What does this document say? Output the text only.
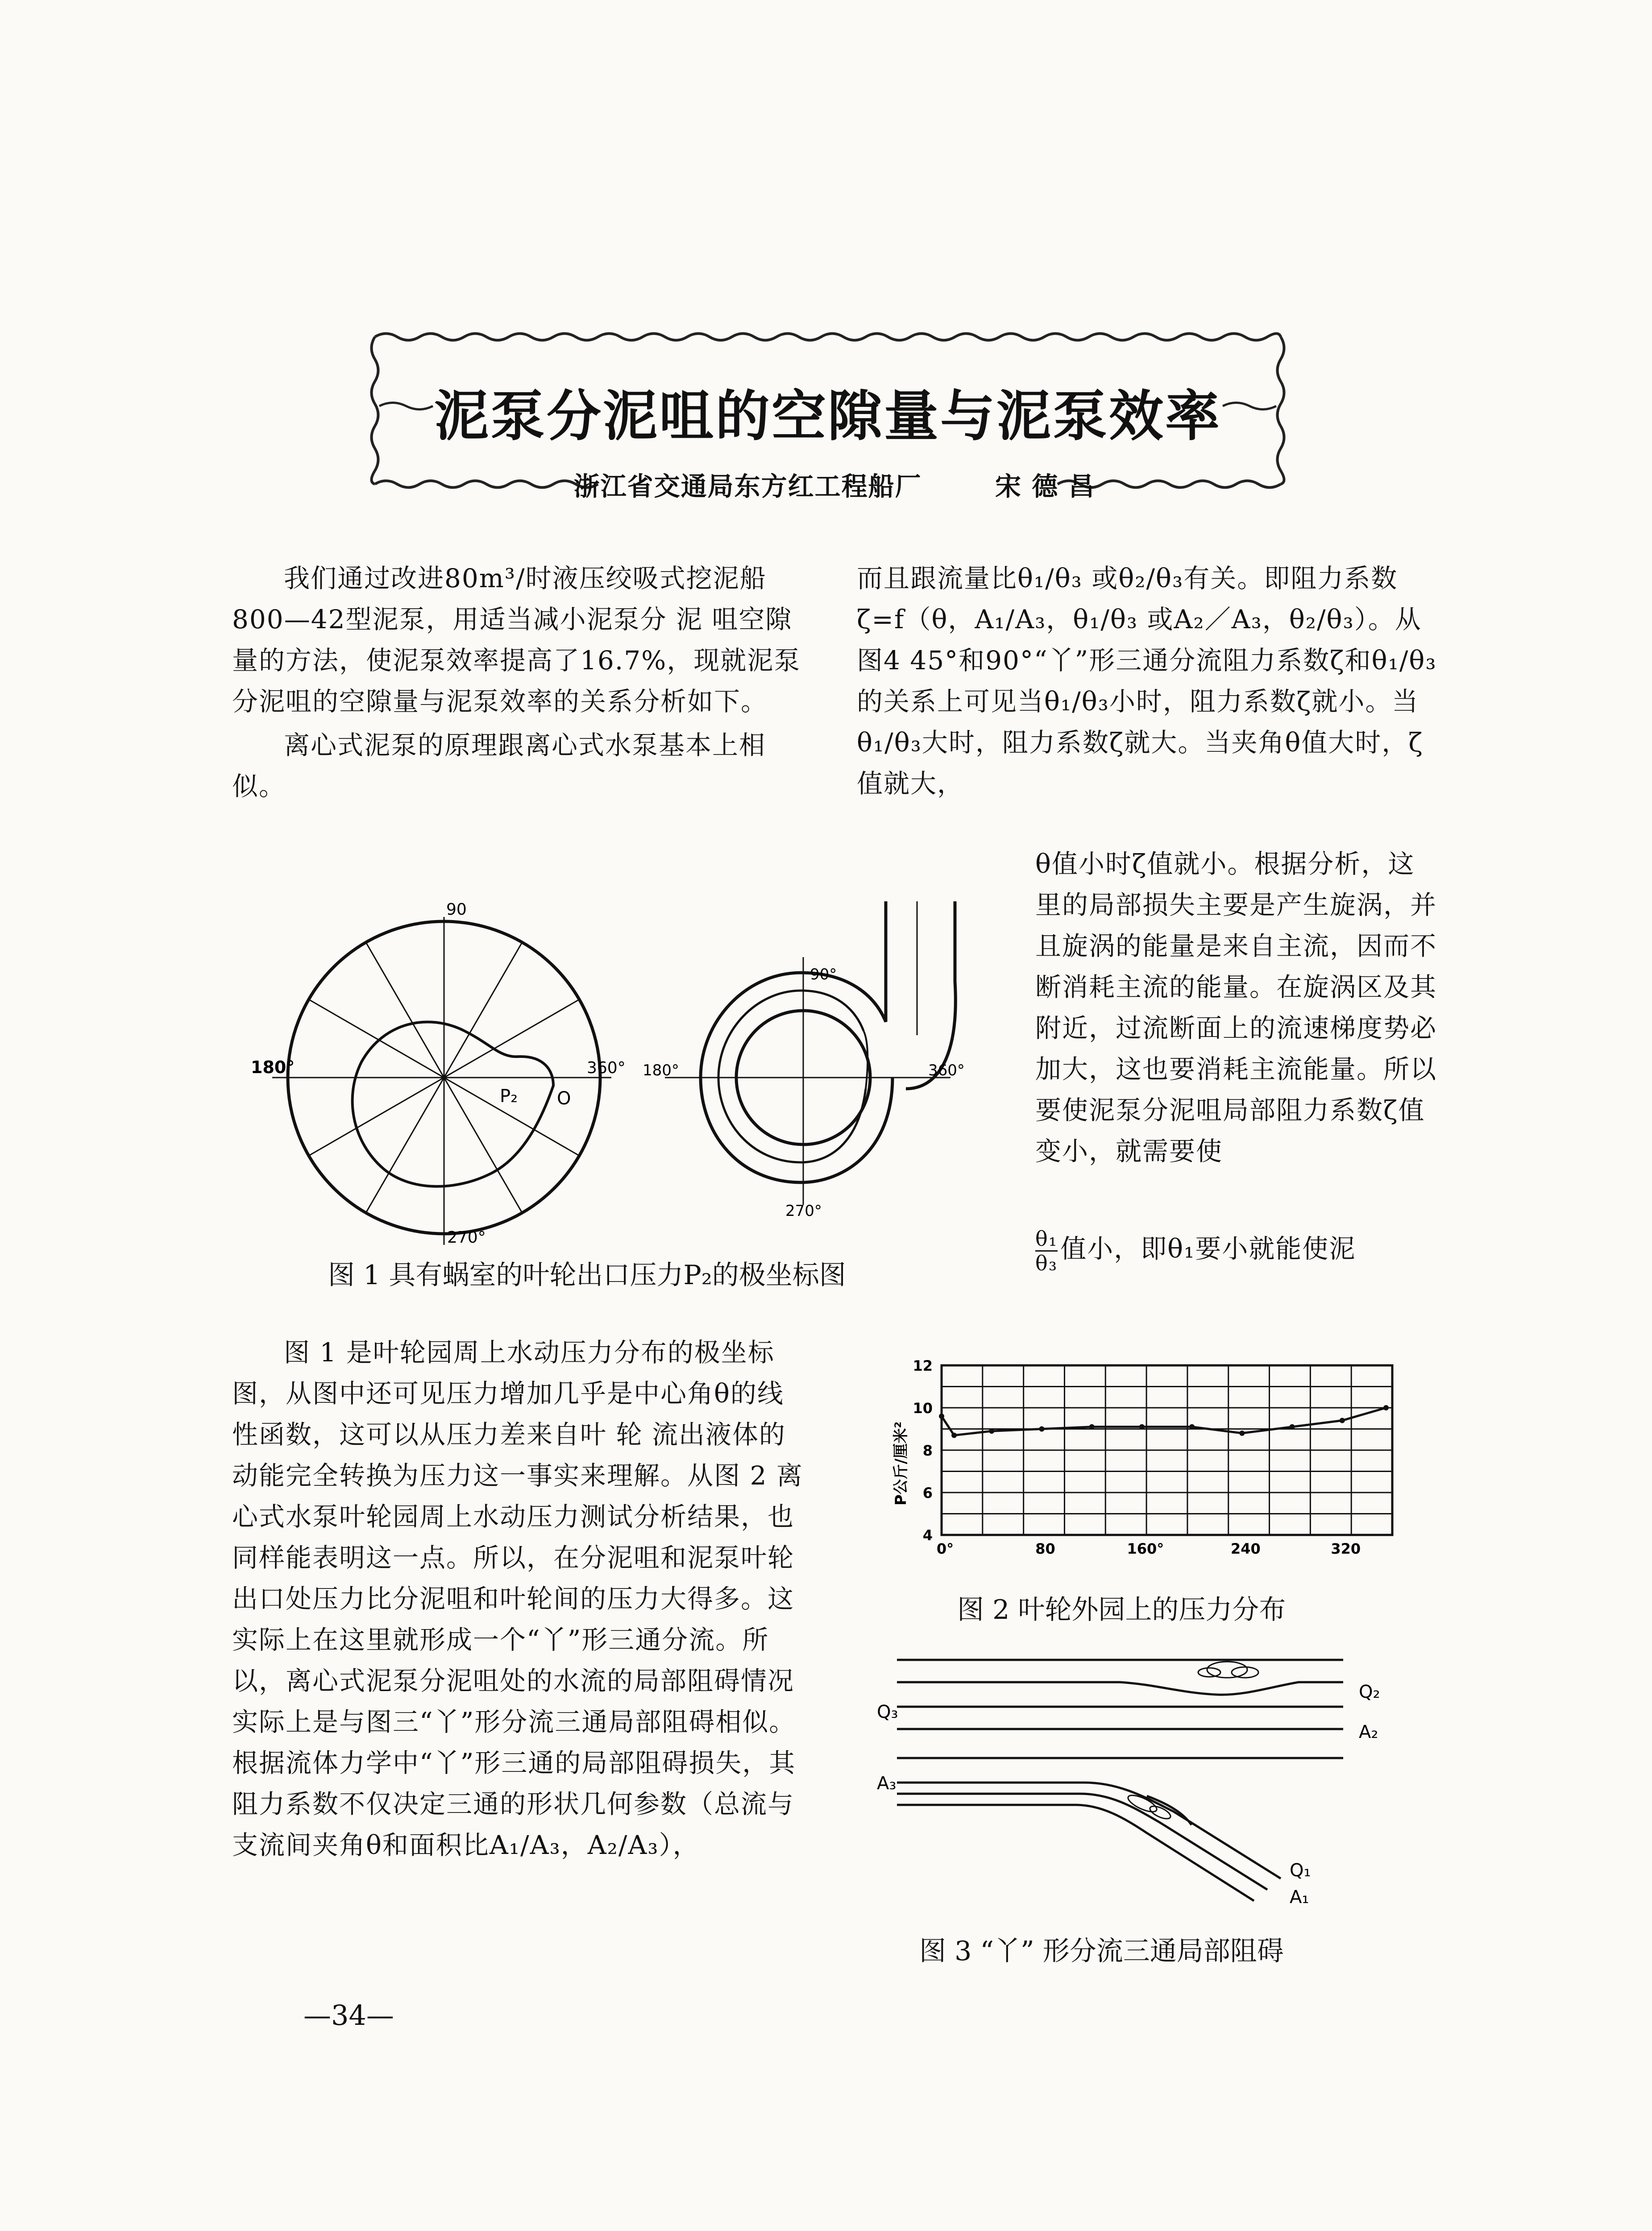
泥泵分泥咀的空隙量与泥泵效率
浙江省交通局东方红工程船厂	宋 德 昌

我们通过改进80m³/时液压绞吸式挖泥船800—42型泥泵，用适当减小泥泵分 泥 咀空隙量的方法，使泥泵效率提高了16.7%，现就泥泵分泥咀的空隙量与泥泵效率的关系分析如下。

离心式泥泵的原理跟离心式水泵基本上相似。

而且跟流量比θ₁/θ₃ 或θ₂/θ₃有关。即阻力系数ζ=f（θ，A₁/A₃，θ₁/θ₃ 或A₂／A₃，θ₂/θ₃）。从图4 45°和90°“丫”形三通分流阻力系数ζ和θ₁/θ₃的关系上可见当θ₁/θ₃小时，阻力系数ζ就小。当θ₁/θ₃大时，阻力系数ζ就大。当夹角θ值大时，ζ值就大，

θ值小时ζ值就小。根据分析，这里的局部损失主要是产生旋涡，并且旋涡的能量是来自主流，因而不断消耗主流的能量。在旋涡区及其附近，过流断面上的流速梯度势必加大，这也要消耗主流能量。所以要使泥泵分泥咀局部阻力系数ζ值变小，就需要使

$\frac{\text{θ₁}}{\text{θ₃}}$ 值小，即θ₁要小就能使泥
90
180°	360°
270°
P₂ O
90°
180°	360°
270°
图 1 具有蜗室的叶轮出口压力P₂的极坐标图

图 1 是叶轮园周上水动压力分布的极坐标图，从图中还可见压力增加几乎是中心角θ的线性函数，这可以从压力差来自叶 轮 流出液体的动能完全转换为压力这一事实来理解。从图 2 离心式水泵叶轮园周上水动压力测试分析结果，也同样能表明这一点。所以，在分泥咀和泥泵叶轮出口处压力比分泥咀和叶轮间的压力大得多。这实际上在这里就形成一个“丫”形三通分流。所以，离心式泥泵分泥咀处的水流的局部阻碍情况实际上是与图三“丫”形分流三通局部阻碍相似。根据流体力学中“丫”形三通的局部阻碍损失，其阻力系数不仅决定三通的形状几何参数（总流与支流间夹角θ和面积比A₁/A₃，A₂/A₃），

4
6
8
10
12
0°	80	160°	240	320
P公斤/厘米²
图 2 叶轮外园上的压力分布
Q₃
A₃
Q₂
A₂
Q₁
A₁
图 3 “丫” 形分流三通局部阻碍
—34—
